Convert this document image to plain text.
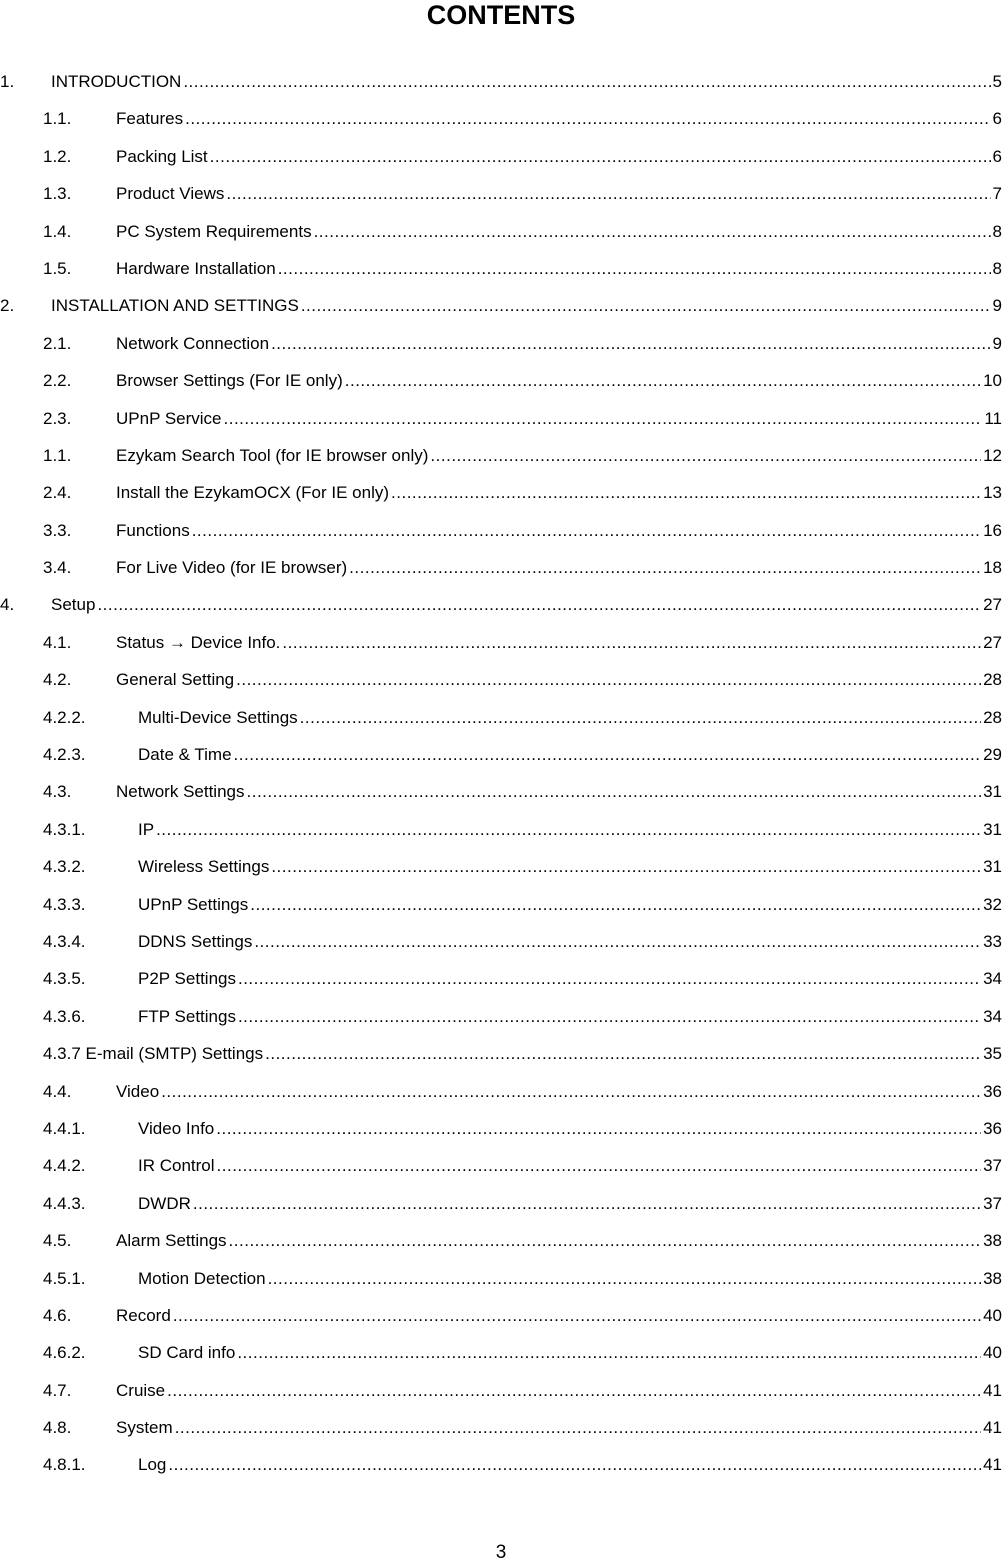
CONTENTS
1. INTRODUCTION .....	5
1.1.	Features .....	6
1.2.	Packing List .....	6
1.3.	Product Views .....	7
1.4.	PC System Requirements .....	8
1.5.	Hardware Installation .....	8
2. INSTALLATION AND SETTINGS .....	9
2.1.	Network Connection .....	9
2.2.	Browser Settings (For IE only) .....	10
2.3.	UPnP Service .....	11
1.1.	Ezykam Search Tool (for IE browser only) .....	12
2.4.	Install the EzykamOCX (For IE only) .....	13
3.3.	Functions .....	16
3.4.	For Live Video (for IE browser) .....	18
4. Setup .....	27
4.1.	Status → Device Info. .....	27
4.2.	General Setting .....	28
4.2.2.	Multi-Device Settings .....	28
4.2.3.	Date & Time .....	29
4.3.	Network Settings .....	31
4.3.1.	IP .....	31
4.3.2.	Wireless Settings .....	31
4.3.3.	UPnP Settings .....	32
4.3.4.	DDNS Settings .....	33
4.3.5.	P2P Settings .....	34
4.3.6.	FTP Settings .....	34
4.3.7 E-mail (SMTP) Settings .....	35
4.4.	Video .....	36
4.4.1.	Video Info .....	36
4.4.2.	IR Control .....	37
4.4.3.	DWDR .....	37
4.5.	Alarm Settings .....	38
4.5.1.	Motion Detection .....	38
4.6.	Record .....	40
4.6.2.	SD Card info .....	40
4.7.	Cruise .....	41
4.8.	System .....	41
4.8.1.	Log .....	41
3
